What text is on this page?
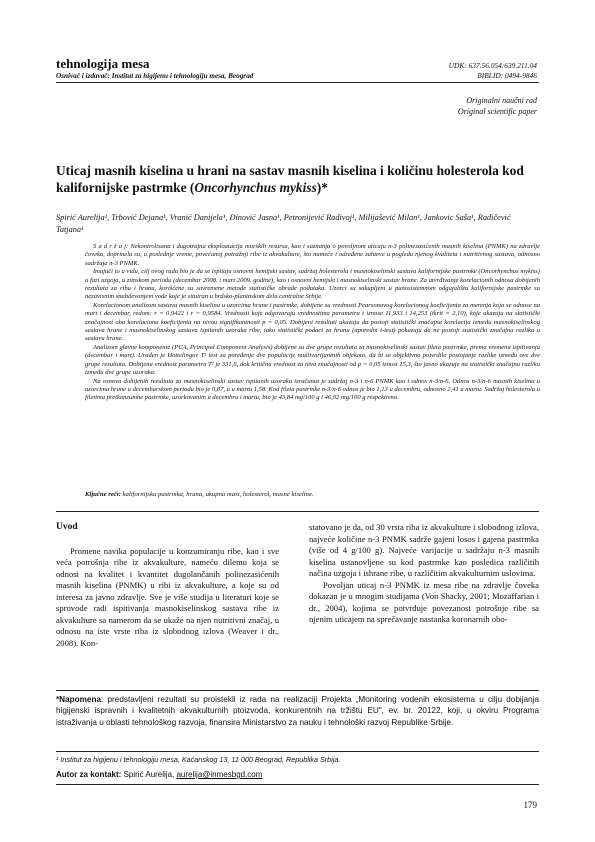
tehnologija mesa
Osnivač i izdavač: Institut za higijenu i tehnologiju mesa, Beograd
UDK: 637.56.054:639.211.04
BIBLID: 0494-9846
Originalni naučni rad
Original scientific paper
Uticaj masnih kiselina u hrani na sastav masnih kiselina i količinu holesterola kod kalifornijske pastrmke (Oncorhynchus mykiss)*
Spirić Aurelija¹, Trbović Dejana¹, Vranić Danijela¹, Đinović Jasna¹, Petronijević Radivoj¹, Milijašević Milan¹, Jankovic Saša¹, Radičević Tatjana¹

S a d r ž a j: Nekontrolisana i dugotrajna eksploatacija morskih resursa, kao i saznanja o povoljnom uticaju n-3 polinezasićenih masnih kiselina (PNMK) na zdravlje čoveka, doprinela su, u poslednje vreme, povećanoj potražnji ribe iz akvakulture, što nameće i određene zahteve u pogledu njenog kvaliteta i nutritivnog sastava, odnosno sadržaja n-3 PNMK.

Imajući to u vidu, cilj ovog rada bio je da se ispitaju osnovni hemijski sastav, sadržaj holesterola i masnokiselinski sastava kalifornijske pastrmke (Oncorhynchus mykiss) u fazi uzgoja, u zimskom periodu (decembar 2008. i mart 2009. godine), kao i osnovni hemijski i masnokiselinski sastav hrane. Za utvrđivanje korelacionih odnosa dobijenih rezultata za ribu i hranu, korišćene su savremene metode statističke obrade podataka. Uzorci su sakupljeni u punosistemnom odgajalištu kalifornijske pastrmke sa nezavisnim snabdevanjem vode koje je situiran u brdsko-planinskom delu centralne Srbije.

Korelacionom analizom sastava masnih kiselina u uzorcima hrane i pastrmke, dobijene su vrednosti Pearsonovog korelacionog koeficijenta za merenja koja se odnose na mart i decembar, redom: r = 0,9422 i r = 0,9584. Vrednosti koje odgovaraju vrednostima parametra t iznose 11,933 i 14,253 (tkrit = 2,10), koje ukazuju na statistički značajnost oba korelaciona koeficijenta na nivou signifikantnosti p = 0,05. Dobijeni rezultati ukazuju da postoji statistički značajna korelacija između masnokiselinskog sastava hrane i masnokiselinskog sastava ispitanih uzoraka ribe, iako statistički podaci za hranu (uporedni t-test) pokazuju da ne postoji statistički značajna razlika u sastavu hrane.

Analizom glavne komponente (PCA, Principal Component Analysis) dobijene su dve grupe rezultata za masnokiselinski sastav fileta pastrmke, prema vremenu ispitivanja (decembar i mart). Urađen je Hottelingov T² test za poređenje dve populacije multivarijantnih objekata, da bi se objektivno potvrdilo postojanje razlike između ove dve grupe rezultata. Dobijena vrednost parametra T² je 331,6, dok kritična vrednost za nivo značajnosti od p = 0,05 iznosi 15,3, što jasno ukazuje na statistički značajnu razliku između dve grupe uzoraka.

Na osnovu dobijenih rezultata za masnokiselinski sastav ispitanih uzoraka izračunat je sadržaj n-3 i n-6 PNMK kao i odnos n-3/n-6. Odnos n-3/n-6 masnih kiselina u uzorcima hrane u decembarskom periodu bio je 0,87, a u martu 1,58. Kod fileta pastrmke n-3/n-6 odnos je bio 1,13 u decembru, odnosno 2,41 u martu. Sadržaj holesterola u filetima pretkonzumne pastrmke, uzorkovanim u decembru i martu, bio je 43,84 mg/100 g i 46,02 mg/100 g respektivno.

Ključne reči: kalifornijska pastrmka, hrana, ukupna mast, holesterol, masne kiseline.

Uvod

Promene navika populacije u konzumiranju ribe, kao i sve veća potrošnja ribe iz akvakulture, nameću dilemu koja se odnosi na kvalitet i kvantitet dugolančanih polinezasićenih masnih kiselina (PNMK) u ribi iz akvakulture, a koje su od interesa za javno zdravlje. Sve je više studija u literaturi koje se sprovode radi ispitivanja masnokiselinskog sastava ribe iz akvakulture sa namerom da se ukaže na njen nutritivni značaj, u odnosu na iste vrste riba iz slobodnog izlova (Weaver i dr., 2008). Kon-

statovano je da, od 30 vrsta riba iz akvakulture i slobodnog izlova, najveće količine n-3 PNMK sadrže gajeni losos i gajena pastrmka (više od 4 g/100 g). Najveće varijacije u sadržaju n-3 masnih kiselina ustanovljene su kod pastrmke kao posledica različitih načina uzgoja i ishrane ribe, u različitim akvakulturnim uslovima.

Povoljan uticaj n-3 PNMK iz mesa ribe na zdravlje čoveka dokazan je u mnogim studijama (Von Shacky, 2001; Mozaffarian i dr., 2004), kojima se potvrđuje povezanost potrošnje ribe sa njenim uticajem na sprečavanje nastanka koronarnih obo-

*Napomena: predstavljeni rezultati su proistekli iz rada na realizaciji Projekta „Monitoring vodenih ekosistema u cilju dobijanja higijenski ispravnih i kvalitetnih akvakulturnih ptoizvoda, konkurentnih na tržištu EU", ev. br. 20122, koji, u okviru Programa istraživanja u oblasti tehnološkog razvoja, finansira Ministarstvo za nauku i tehnološki razvoj Republike Srbije.
¹ Institut za higijenu i tehnologiju mesa, Kaćanskog 13, 11 000 Beograd, Republika Srbija.
Autor za kontakt: Spirić Aurelija, aurelija@inmesbgd.com
179
